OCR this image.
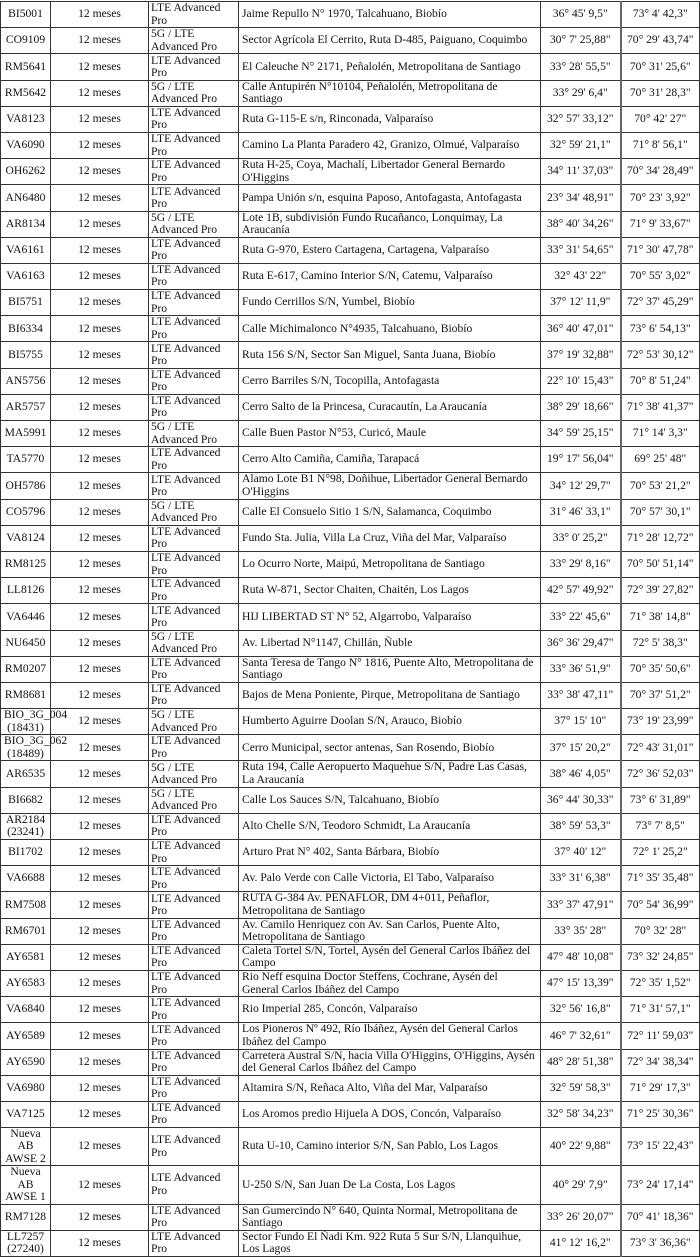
BI5001	12 meses	LTE Advanced Pro	Jaime Repullo N° 1970, Talcahuano, Biobío	36° 45' 9,5"	73° 4' 42,3"
CO9109	12 meses	5G / LTE Advanced Pro	Sector Agrícola El Cerrito, Ruta D-485, Paiguano, Coquimbo	30° 7' 25,88"	70° 29' 43,74"
RM5641	12 meses	LTE Advanced Pro	El Caleuche N° 2171, Peñalolén, Metropolitana de Santiago	33° 28' 55,5"	70° 31' 25,6"
RM5642	12 meses	5G / LTE Advanced Pro	Calle Antupirén N°10104, Peñalolén, Metropolitana de Santiago	33° 29' 6,4"	70° 31' 28,3"
VA8123	12 meses	LTE Advanced Pro	Ruta G-115-E s/n, Rinconada, Valparaíso	32° 57' 33,12"	70° 42' 27"
VA6090	12 meses	LTE Advanced Pro	Camino La Planta Paradero 42, Granizo, Olmué, Valparaíso	32° 59' 21,1"	71° 8' 56,1"
OH6262	12 meses	LTE Advanced Pro	Ruta H-25, Coya, Machalí, Libertador General Bernardo O'Higgins	34° 11' 37,03"	70° 34' 28,49"
AN6480	12 meses	LTE Advanced Pro	Pampa Unión s/n, esquina Paposo, Antofagasta, Antofagasta	23° 34' 48,91"	70° 23' 3,92"
AR8134	12 meses	5G / LTE Advanced Pro	Lote 1B, subdivisión Fundo Rucañanco, Lonquimay, La Araucanía	38° 40' 34,26"	71° 9' 33,67"
VA6161	12 meses	LTE Advanced Pro	Ruta G-970, Estero Cartagena, Cartagena, Valparaíso	33° 31' 54,65"	71° 30' 47,78"
VA6163	12 meses	LTE Advanced Pro	Ruta E-617, Camino Interior S/N, Catemu, Valparaíso	32° 43' 22"	70° 55' 3,02"
BI5751	12 meses	LTE Advanced Pro	Fundo Cerrillos S/N, Yumbel, Biobío	37° 12' 11,9"	72° 37' 45,29"
BI6334	12 meses	LTE Advanced Pro	Calle Michimalonco N°4935, Talcahuano, Biobío	36° 40' 47,01"	73° 6' 54,13"
BI5755	12 meses	LTE Advanced Pro	Ruta 156 S/N, Sector San Miguel, Santa Juana, Biobío	37° 19' 32,88"	72° 53' 30,12"
AN5756	12 meses	LTE Advanced Pro	Cerro Barriles S/N, Tocopilla, Antofagasta	22° 10' 15,43"	70° 8' 51,24"
AR5757	12 meses	LTE Advanced Pro	Cerro Salto de la Princesa, Curacautín, La Araucanía	38° 29' 18,66"	71° 38' 41,37"
MA5991	12 meses	5G / LTE Advanced Pro	Calle Buen Pastor N°53, Curicó, Maule	34° 59' 25,15"	71° 14' 3,3"
TA5770	12 meses	LTE Advanced Pro	Cerro Alto Camiña, Camiña, Tarapacá	19° 17' 56,04"	69° 25' 48"
OH5786	12 meses	LTE Advanced Pro	Alamo Lote B1 N°98, Doñihue, Libertador General Bernardo O'Higgins	34° 12' 29,7"	70° 53' 21,2"
CO5796	12 meses	5G / LTE Advanced Pro	Calle El Consuelo Sitio 1 S/N, Salamanca, Coquimbo	31° 46' 33,1"	70° 57' 30,1"
VA8124	12 meses	LTE Advanced Pro	Fundo Sta. Julia, Villa La Cruz, Viña del Mar, Valparaíso	33° 0' 25,2"	71° 28' 12,72"
RM8125	12 meses	LTE Advanced Pro	Lo Ocurro Norte, Maipú, Metropolitana de Santiago	33° 29' 8,16"	70° 50' 51,14"
LL8126	12 meses	LTE Advanced Pro	Ruta W-871, Sector Chaiten, Chaitén, Los Lagos	42° 57' 49,92"	72° 39' 27,82"
VA6446	12 meses	LTE Advanced Pro	HIJ LIBERTAD ST N° 52, Algarrobo, Valparaíso	33° 22' 45,6"	71° 38' 14,8"
NU6450	12 meses	5G / LTE Advanced Pro	Av. Libertad N°1147, Chillán, Ñuble	36° 36' 29,47"	72° 5' 38,3"
RM0207	12 meses	LTE Advanced Pro	Santa Teresa de Tango N° 1816, Puente Alto, Metropolitana de Santiago	33° 36' 51,9"	70° 35' 50,6"
RM8681	12 meses	LTE Advanced Pro	Bajos de Mena Poniente, Pirque, Metropolitana de Santiago	33° 38' 47,11"	70° 37' 51,2"
BIO_3G_004 (18431)	12 meses	5G / LTE Advanced Pro	Humberto Aguirre Doolan S/N, Arauco, Biobío	37° 15' 10"	73° 19' 23,99"
BIO_3G_062 (18489)	12 meses	LTE Advanced Pro	Cerro Municipal, sector antenas, San Rosendo, Biobío	37° 15' 20,2"	72° 43' 31,01"
AR6535	12 meses	5G / LTE Advanced Pro	Ruta 194, Calle Aeropuerto Maquehue S/N, Padre Las Casas, La Araucanía	38° 46' 4,05"	72° 36' 52,03"
BI6682	12 meses	5G / LTE Advanced Pro	Calle Los Sauces S/N, Talcahuano, Biobío	36° 44' 30,33"	73° 6' 31,89"
AR2184 (23241)	12 meses	LTE Advanced Pro	Alto Chelle S/N, Teodoro Schmidt, La Araucanía	38° 59' 53,3"	73° 7' 8,5"
BI1702	12 meses	LTE Advanced Pro	Arturo Prat N° 402, Santa Bárbara, Biobío	37° 40' 12"	72° 1' 25,2"
VA6688	12 meses	LTE Advanced Pro	Av. Palo Verde con Calle Victoria, El Tabo, Valparaíso	33° 31' 6,38"	71° 35' 35,48"
RM7508	12 meses	LTE Advanced Pro	RUTA G-384 Av. PEÑAFLOR, DM 4+011, Peñaflor, Metropolitana de Santiago	33° 37' 47,91"	70° 54' 36,99"
RM6701	12 meses	LTE Advanced Pro	Av. Camilo Henriquez con Av. San Carlos, Puente Alto, Metropolitana de Santiago	33° 35' 28"	70° 32' 28"
AY6581	12 meses	LTE Advanced Pro	Caleta Tortel S/N, Tortel, Aysén del General Carlos Ibáñez del Campo	47° 48' 10,08"	73° 32' 24,85"
AY6583	12 meses	LTE Advanced Pro	Rio Neff esquina Doctor Steffens, Cochrane, Aysén del General Carlos Ibáñez del Campo	47° 15' 13,39"	72° 35' 1,52"
VA6840	12 meses	LTE Advanced Pro	Rio Imperial 285, Concón, Valparaíso	32° 56' 16,8"	71° 31' 57,1"
AY6589	12 meses	LTE Advanced Pro	Los Pioneros Nº 492, Río Ibáñez, Aysén del General Carlos Ibáñez del Campo	46° 7' 32,61"	72° 11' 59,03"
AY6590	12 meses	LTE Advanced Pro	Carretera Austral S/N, hacia Villa O'Higgins, O'Higgins, Aysén del General Carlos Ibáñez del Campo	48° 28' 51,38"	72° 34' 38,34"
VA6980	12 meses	LTE Advanced Pro	Altamira S/N, Reñaca Alto, Viña del Mar, Valparaíso	32° 59' 58,3"	71° 29' 17,3"
VA7125	12 meses	LTE Advanced Pro	Los Aromos predio Hijuela A DOS, Concón, Valparaíso	32° 58' 34,23"	71° 25' 30,36"
Nueva AB AWSE 2	12 meses	LTE Advanced Pro	Ruta U-10, Camino interior S/N, San Pablo, Los Lagos	40° 22' 9,88"	73° 15' 22,43"
Nueva AB AWSE 1	12 meses	LTE Advanced Pro	U-250 S/N, San Juan De La Costa, Los Lagos	40° 29' 7,9"	73° 24' 17,14"
RM7128	12 meses	LTE Advanced Pro	San Gumercindo N° 640, Quinta Normal, Metropolitana de Santiago	33° 26' 20,07"	70° 41' 18,36"
LL7257 (27240)	12 meses	LTE Advanced Pro	Sector Fundo El Ñadi Km. 922 Ruta 5 Sur S/N, Llanquihue, Los Lagos	41° 12' 16,2"	73° 3' 36,36"
